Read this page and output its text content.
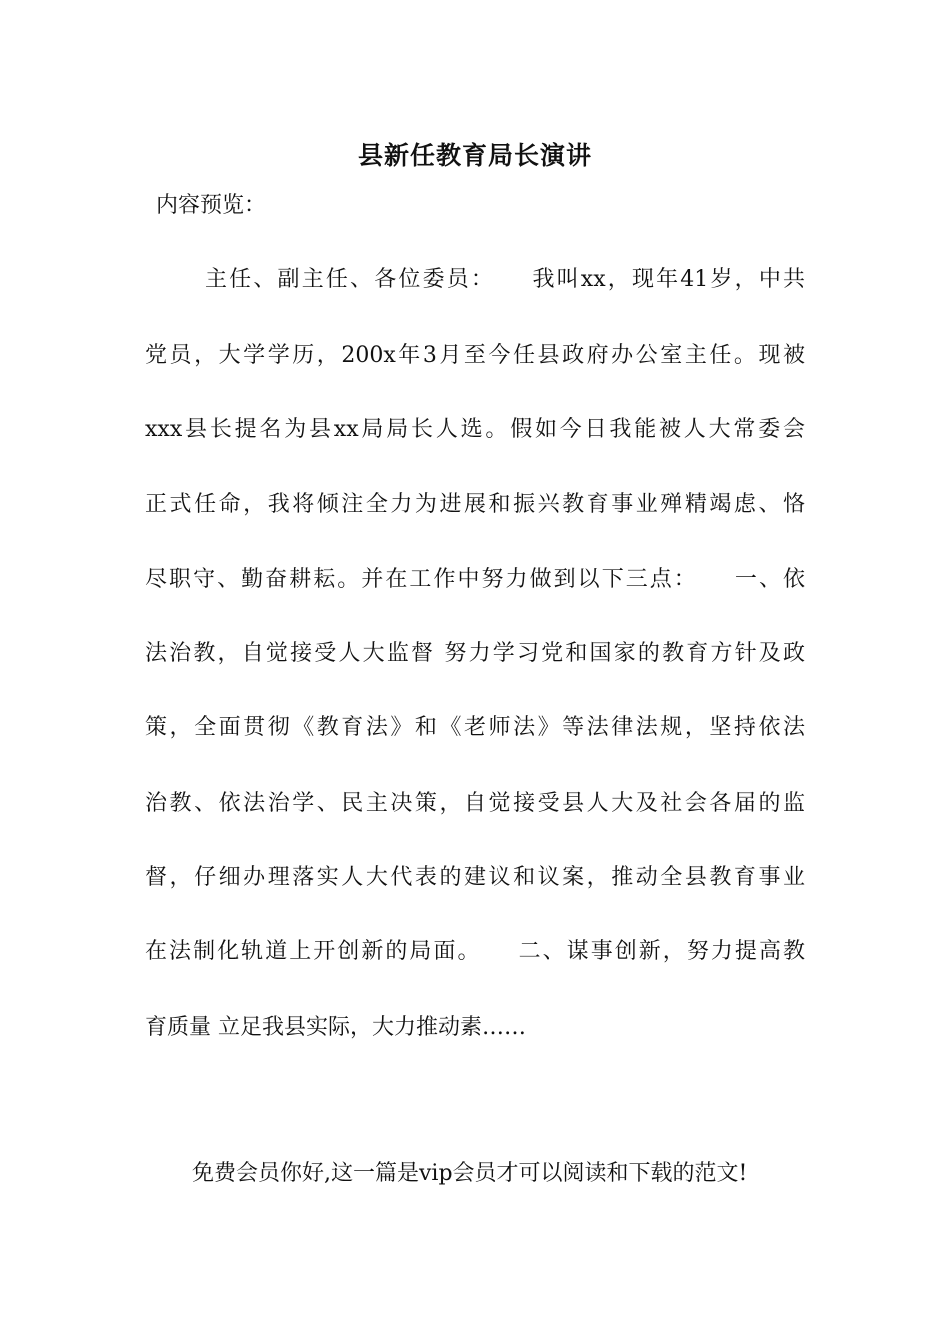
县新任教育局长演讲
内容预览：
主任、副主任、各位委员：　　我叫xx，现年41岁，中共
党员，大学学历，200x年3月至今任县政府办公室主任。现被
xxx县长提名为县xx局局长人选。假如今日我能被人大常委会
正式任命，我将倾注全力为进展和振兴教育事业殚精竭虑、恪
尽职守、勤奋耕耘。并在工作中努力做到以下三点：　　一、依
法治教，自觉接受人大监督 努力学习党和国家的教育方针及政
策，全面贯彻《教育法》和《老师法》等法律法规，坚持依法
治教、依法治学、民主决策，自觉接受县人大及社会各届的监
督，仔细办理落实人大代表的建议和议案，推动全县教育事业
在法制化轨道上开创新的局面。　　二、谋事创新，努力提高教
育质量 立足我县实际，大力推动素……
免费会员你好,这一篇是vip会员才可以阅读和下载的范文!
